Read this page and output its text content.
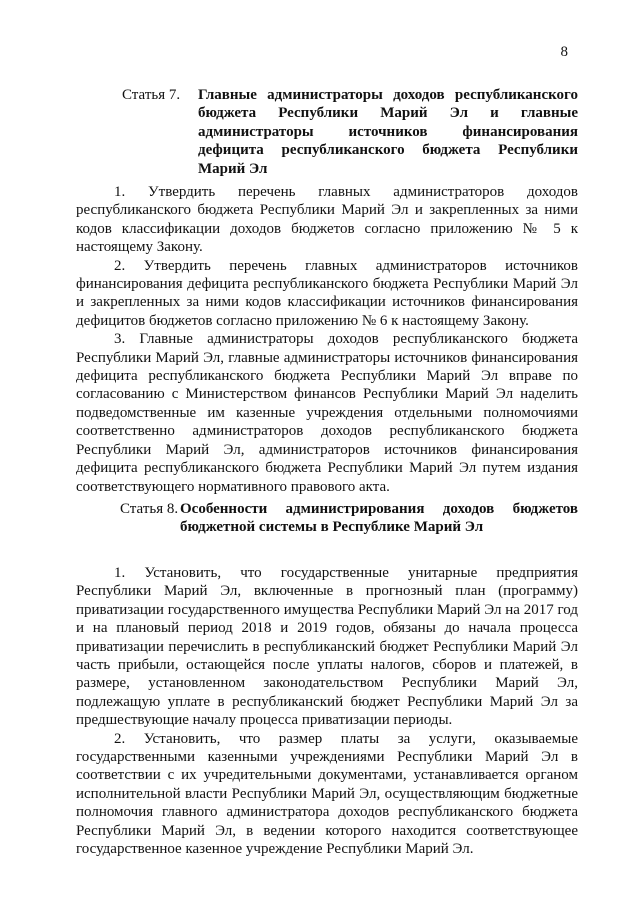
8
Статья 7.	Главные администраторы доходов республиканского бюджета Республики Марий Эл и главные администраторы источников финансирования дефицита республиканского бюджета Республики Марий Эл

1. Утвердить перечень главных администраторов доходов республиканского бюджета Республики Марий Эл и закрепленных за ними кодов классификации доходов бюджетов согласно приложению № 5 к настоящему Закону.

2. Утвердить перечень главных администраторов источников финансирования дефицита республиканского бюджета Республики Марий Эл и закрепленных за ними кодов классификации источников финансирования дефицитов бюджетов согласно приложению № 6 к настоящему Закону.

3. Главные администраторы доходов республиканского бюджета Республики Марий Эл, главные администраторы источников финансирования дефицита республиканского бюджета Республики Марий Эл вправе по согласованию с Министерством финансов Республики Марий Эл наделить подведомственные им казенные учреждения отдельными полномочиями соответственно администраторов доходов республиканского бюджета Республики Марий Эл, администраторов источников финансирования дефицита республиканского бюджета Республики Марий Эл путем издания соответствующего нормативного правового акта.

Статья 8. Особенности администрирования доходов бюджетов бюджетной системы в Республике Марий Эл

1. Установить, что государственные унитарные предприятия Республики Марий Эл, включенные в прогнозный план (программу) приватизации государственного имущества Республики Марий Эл на 2017 год и на плановый период 2018 и 2019 годов, обязаны до начала процесса приватизации перечислить в республиканский бюджет Республики Марий Эл часть прибыли, остающейся после уплаты налогов, сборов и платежей, в размере, установленном законодательством Республики Марий Эл, подлежащую уплате в республиканский бюджет Республики Марий Эл за предшествующие началу процесса приватизации периоды.

2. Установить, что размер платы за услуги, оказываемые государственными казенными учреждениями Республики Марий Эл в соответствии с их учредительными документами, устанавливается органом исполнительной власти Республики Марий Эл, осуществляющим бюджетные полномочия главного администратора доходов республиканского бюджета Республики Марий Эл, в ведении которого находится соответствующее государственное казенное учреждение Республики Марий Эл.
